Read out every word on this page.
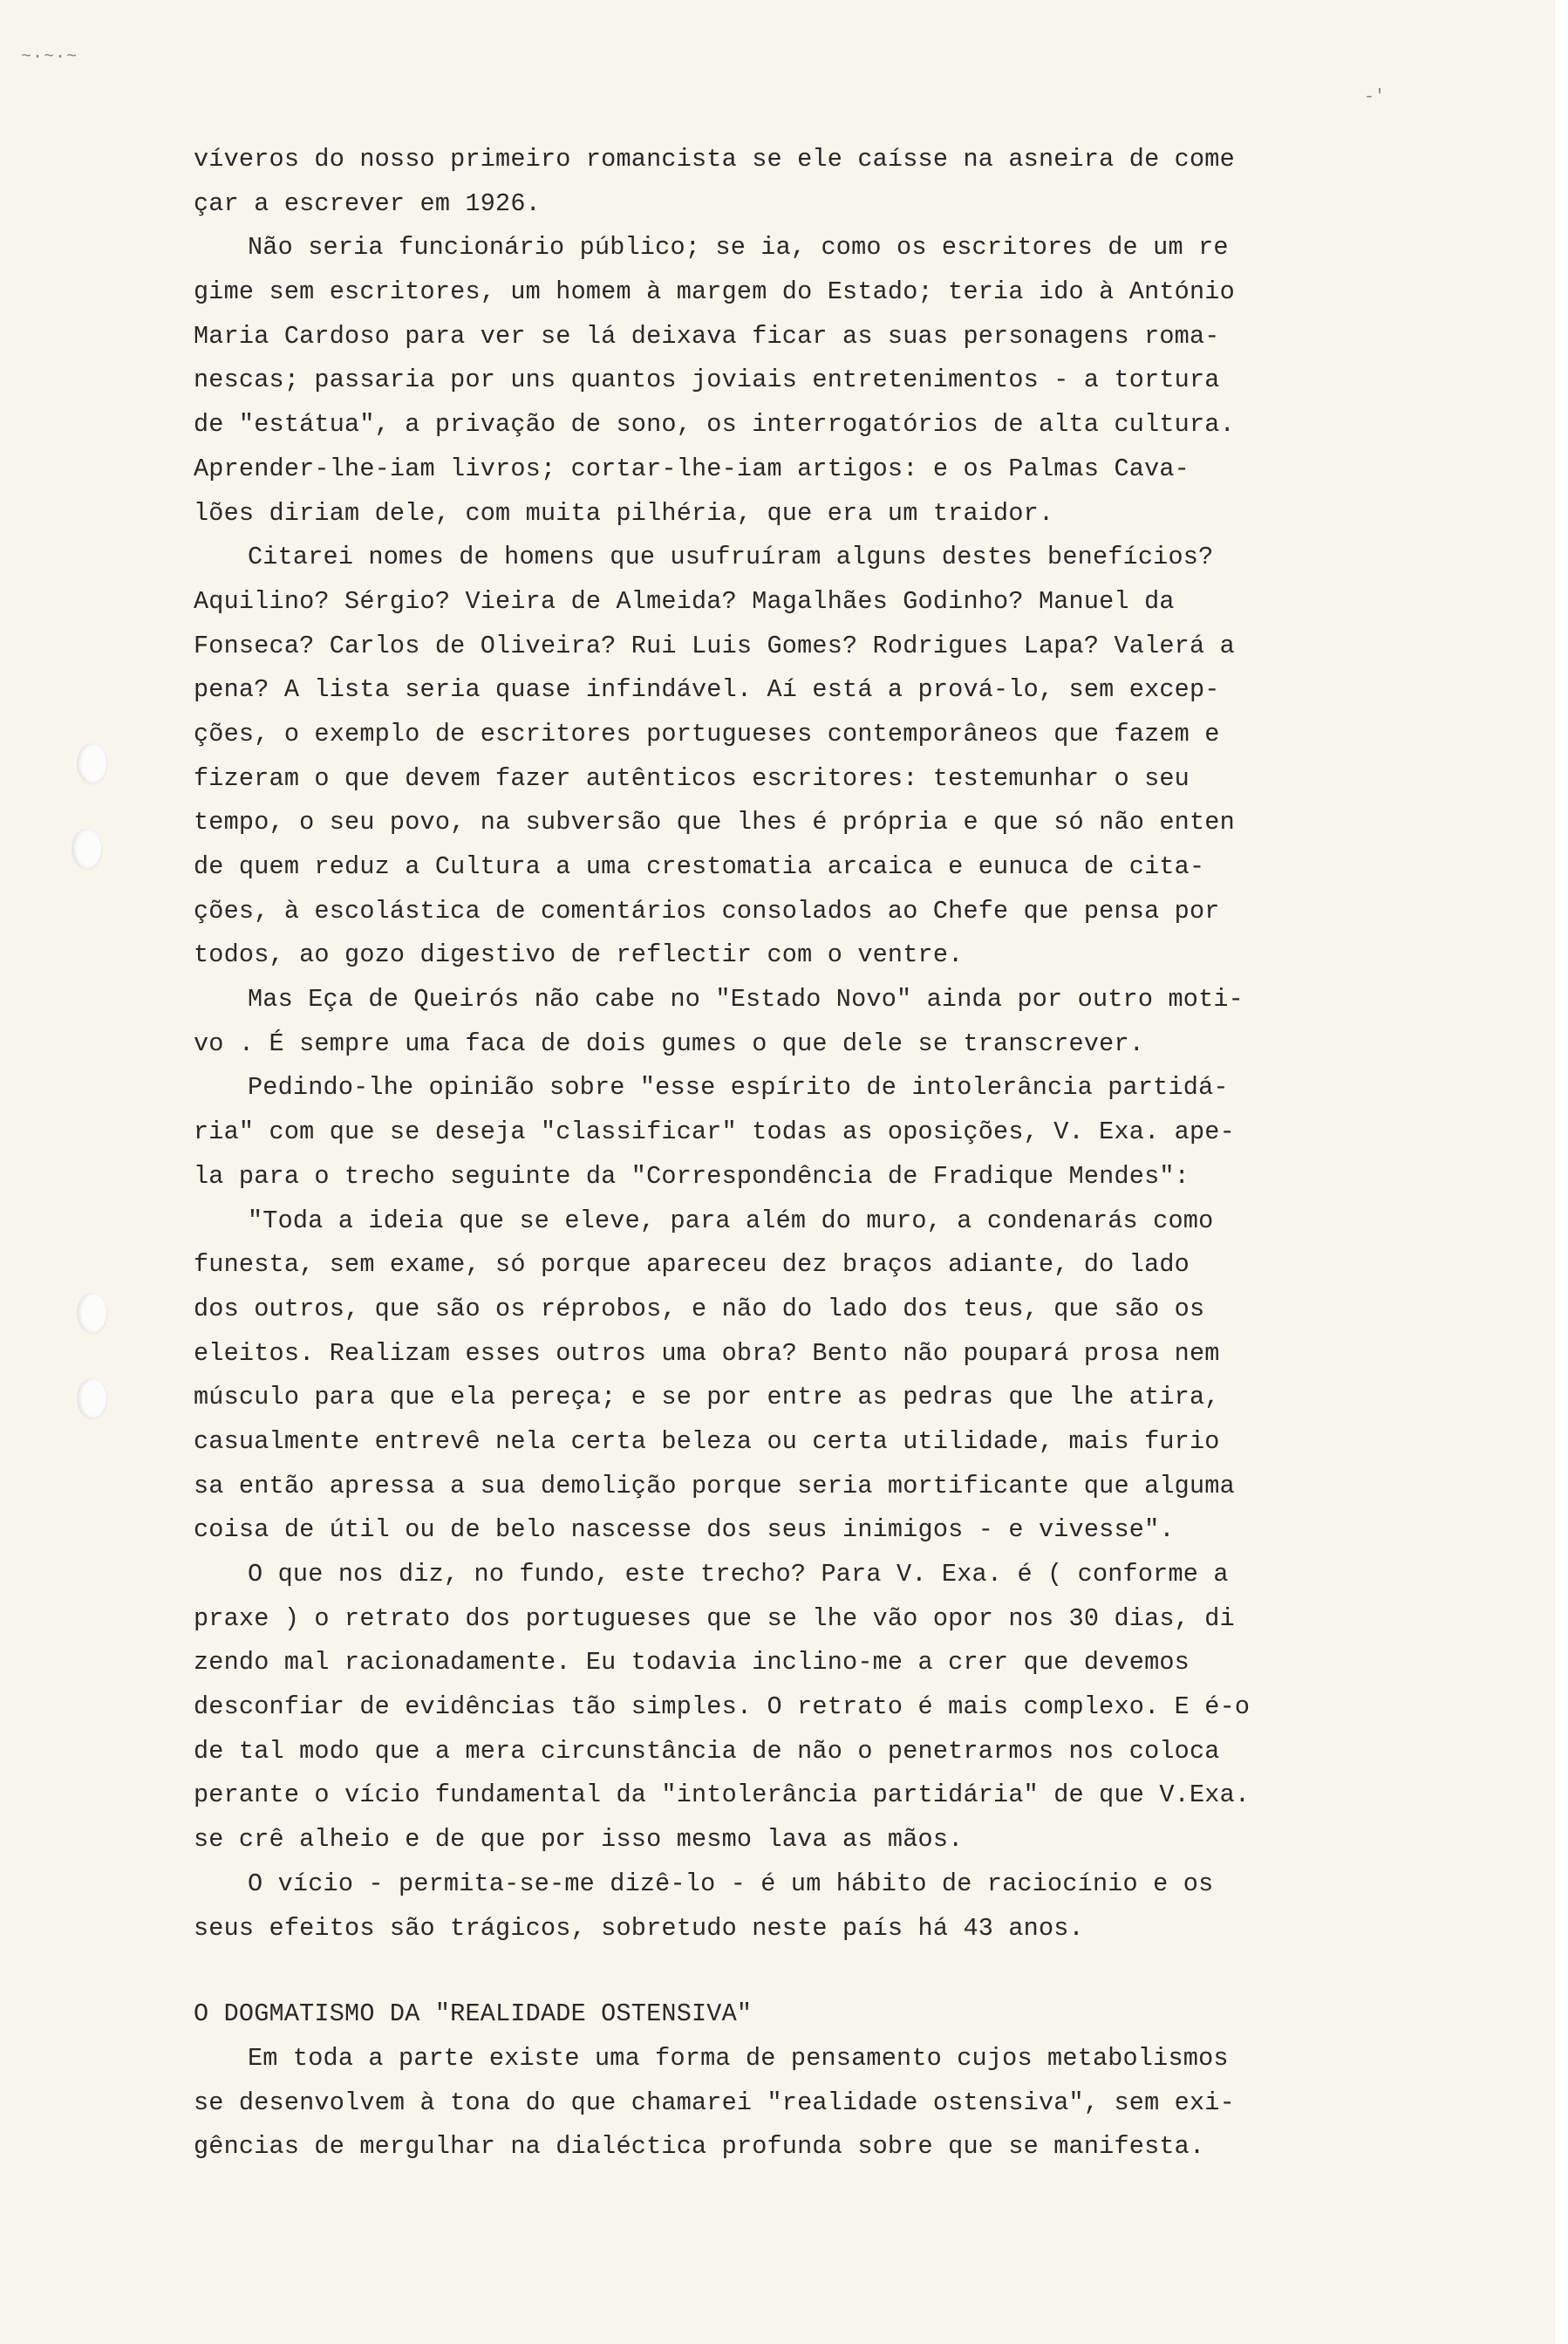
~·~·~
-'
víveros do nosso primeiro romancista se ele caísse na asneira de come
çar a escrever em 1926.
Não seria funcionário público; se ia, como os escritores de um re
gime sem escritores, um homem à margem do Estado; teria ido à António
Maria Cardoso para ver se lá deixava ficar as suas personagens roma-
nescas; passaria por uns quantos joviais entretenimentos - a tortura
de "estátua", a privação de sono, os interrogatórios de alta cultura.
Aprender-lhe-iam livros; cortar-lhe-iam artigos: e os Palmas Cava-
lões diriam dele, com muita pilhéria, que era um traidor.
Citarei nomes de homens que usufruíram alguns destes benefícios?
Aquilino? Sérgio? Vieira de Almeida? Magalhães Godinho? Manuel da
Fonseca? Carlos de Oliveira? Rui Luis Gomes? Rodrigues Lapa? Valerá a
pena? A lista seria quase infindável. Aí está a prová-lo, sem excep-
ções, o exemplo de escritores portugueses contemporâneos que fazem e
fizeram o que devem fazer autênticos escritores: testemunhar o seu
tempo, o seu povo, na subversão que lhes é própria e que só não enten
de quem reduz a Cultura a uma crestomatia arcaica e eunuca de cita-
ções, à escolástica de comentários consolados ao Chefe que pensa por
todos, ao gozo digestivo de reflectir com o ventre.
Mas Eça de Queirós não cabe no "Estado Novo" ainda por outro moti-
vo . É sempre uma faca de dois gumes o que dele se transcrever.
Pedindo-lhe opinião sobre "esse espírito de intolerância partidá-
ria" com que se deseja "classificar" todas as oposições, V. Exa. ape-
la para o trecho seguinte da "Correspondência de Fradique Mendes":
"Toda a ideia que se eleve, para além do muro, a condenarás como
funesta, sem exame, só porque apareceu dez braços adiante, do lado
dos outros, que são os réprobos, e não do lado dos teus, que são os
eleitos. Realizam esses outros uma obra? Bento não poupará prosa nem
músculo para que ela pereça; e se por entre as pedras que lhe atira,
casualmente entrevê nela certa beleza ou certa utilidade, mais furio
sa então apressa a sua demolição porque seria mortificante que alguma
coisa de útil ou de belo nascesse dos seus inimigos - e vivesse".
O que nos diz, no fundo, este trecho? Para V. Exa. é ( conforme a
praxe ) o retrato dos portugueses que se lhe vão opor nos 30 dias, di
zendo mal racionadamente. Eu todavia inclino-me a crer que devemos
desconfiar de evidências tão simples. O retrato é mais complexo. E é-o
de tal modo que a mera circunstância de não o penetrarmos nos coloca
perante o vício fundamental da "intolerância partidária" de que V.Exa.
se crê alheio e de que por isso mesmo lava as mãos.
O vício - permita-se-me dizê-lo - é um hábito de raciocínio e os
seus efeitos são trágicos, sobretudo neste país há 43 anos.
O DOGMATISMO DA "REALIDADE OSTENSIVA"
Em toda a parte existe uma forma de pensamento cujos metabolismos
se desenvolvem à tona do que chamarei "realidade ostensiva", sem exi-
gências de mergulhar na dialéctica profunda sobre que se manifesta.
